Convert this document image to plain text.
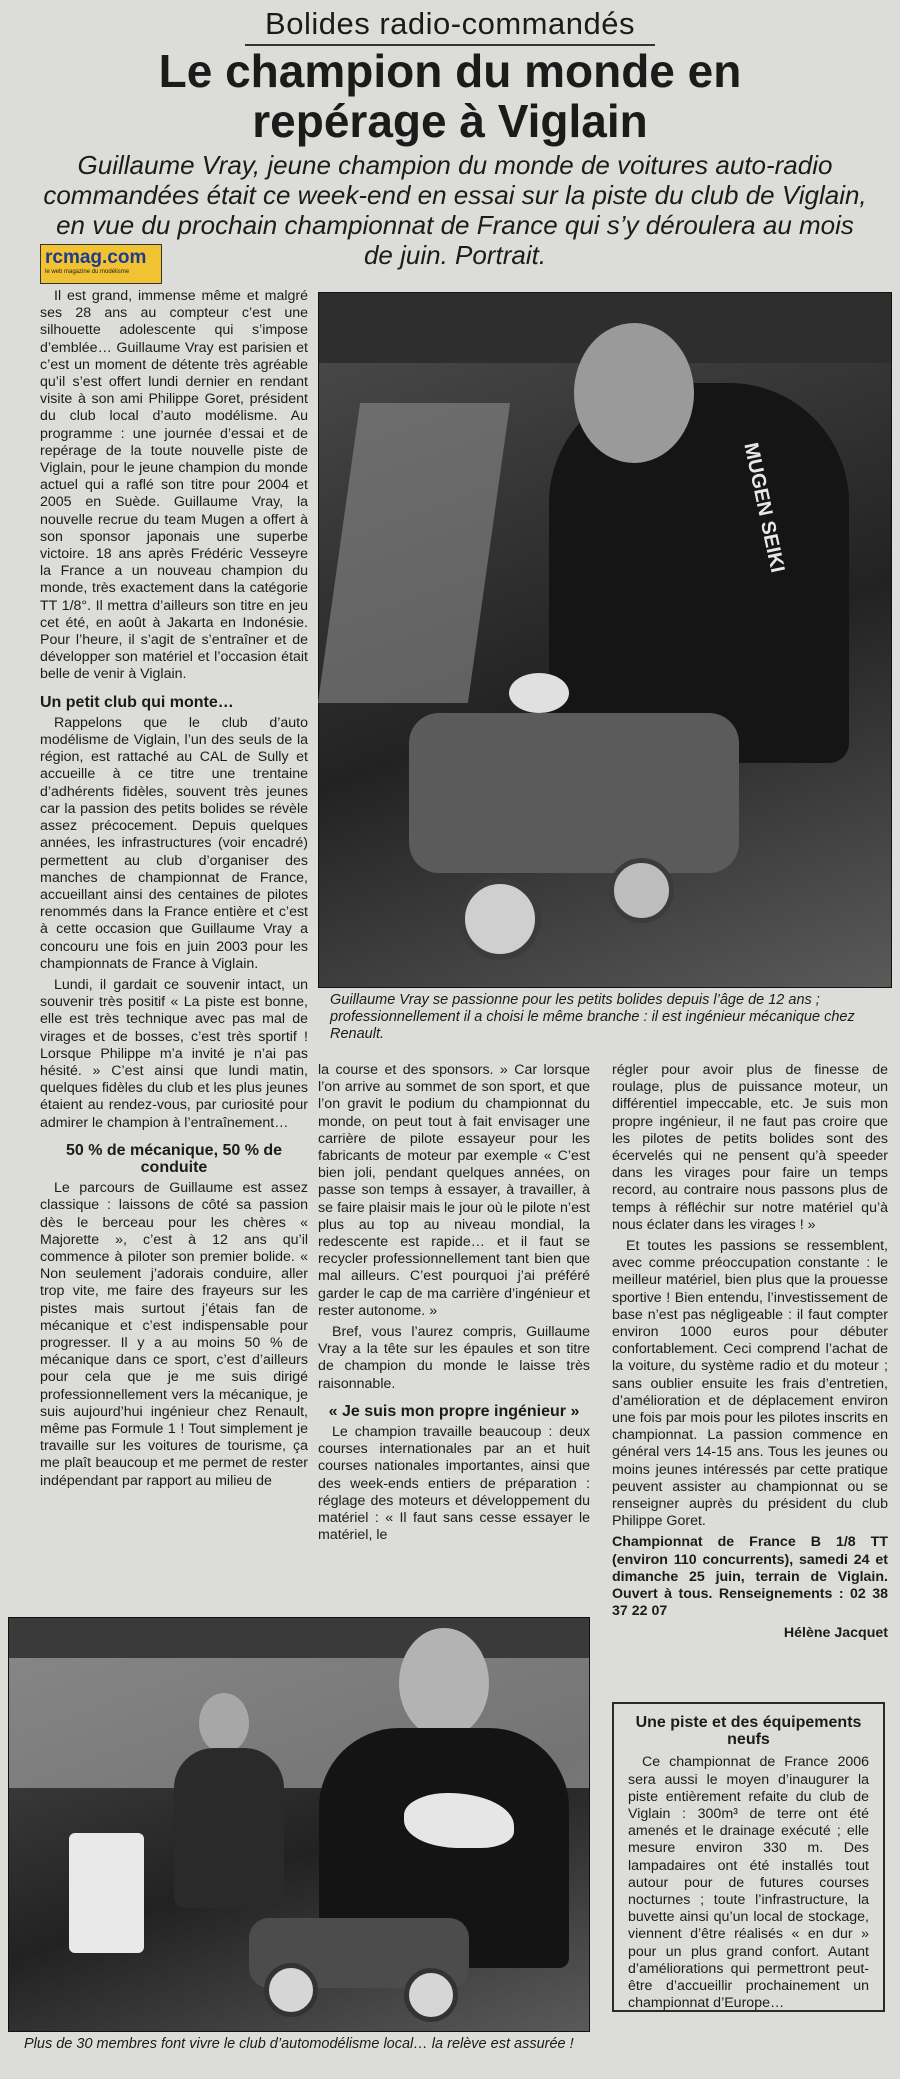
Bolides radio-commandés
Le champion du monde en repérage à Viglain
Guillaume Vray, jeune champion du monde de voitures auto-radio commandées était ce week-end en essai sur la piste du club de Viglain, en vue du prochain championnat de France qui s’y déroulera au mois de juin. Portrait.
rcmag.com
le web magazine du modélisme

Il est grand, immense même et malgré ses 28 ans au compteur c’est une silhouette adolescente qui s’impose d’emblée… Guillaume Vray est parisien et c’est un moment de détente très agréable qu’il s’est offert lundi dernier en rendant visite à son ami Philippe Goret, président du club local d’auto modélisme. Au programme : une journée d’essai et de repérage de la toute nouvelle piste de Viglain, pour le jeune champion du monde actuel qui a raflé son titre pour 2004 et 2005 en Suède. Guillaume Vray, la nouvelle recrue du team Mugen a offert à son sponsor japonais une superbe victoire. 18 ans après Frédéric Vesseyre la France a un nouveau champion du monde, très exactement dans la catégorie TT 1/8°. Il mettra d’ailleurs son titre en jeu cet été, en août à Jakarta en Indonésie. Pour l’heure, il s’agit de s’entraîner et de développer son matériel et l’occasion était belle de venir à Viglain.

Un petit club qui monte…

Rappelons que le club d’auto modélisme de Viglain, l’un des seuls de la région, est rattaché au CAL de Sully et accueille à ce titre une trentaine d’adhérents fidèles, souvent très jeunes car la passion des petits bolides se révèle assez précocement. Depuis quelques années, les infrastructures (voir encadré) permettent au club d’organiser des manches de championnat de France, accueillant ainsi des centaines de pilotes renommés dans la France entière et c’est à cette occasion que Guillaume Vray a concouru une fois en juin 2003 pour les championnats de France à Viglain.

Lundi, il gardait ce souvenir intact, un souvenir très positif « La piste est bonne, elle est très technique avec pas mal de virages et de bosses, c’est très sportif ! Lorsque Philippe m’a invité je n’ai pas hésité. » C’est ainsi que lundi matin, quelques fidèles du club et les plus jeunes étaient au rendez-vous, par curiosité pour admirer le champion à l’entraînement…

50 % de mécanique, 50 % de conduite

Le parcours de Guillaume est assez classique : laissons de côté sa passion dès le berceau pour les chères « Majorette », c’est à 12 ans qu’il commence à piloter son premier bolide. « Non seulement j’adorais conduire, aller trop vite, me faire des frayeurs sur les pistes mais surtout j’étais fan de mécanique et c’est indispensable pour progresser. Il y a au moins 50 % de mécanique dans ce sport, c’est d’ailleurs pour cela que je me suis dirigé professionnellement vers la mécanique, je suis aujourd’hui ingénieur chez Renault, même pas Formule 1 ! Tout simplement je travaille sur les voitures de tourisme, ça me plaît beaucoup et me permet de rester indépendant par rapport au milieu de

MUGEN SEIKI
Guillaume Vray se passionne pour les petits bolides depuis l’âge de 12 ans ; professionnellement il a choisi le même branche : il est ingénieur mécanique chez Renault.

la course et des sponsors. » Car lorsque l’on arrive au sommet de son sport, et que l’on gravit le podium du championnat du monde, on peut tout à fait envisager une carrière de pilote essayeur pour les fabricants de moteur par exemple « C’est bien joli, pendant quelques années, on passe son temps à essayer, à travailler, à se faire plaisir mais le jour où le pilote n’est plus au top au niveau mondial, la redescente est rapide… et il faut se recycler professionnellement tant bien que mal ailleurs. C’est pourquoi j’ai préféré garder le cap de ma carrière d’ingénieur et rester autonome. »

Bref, vous l’aurez compris, Guillaume Vray a la tête sur les épaules et son titre de champion du monde le laisse très raisonnable.

« Je suis mon propre ingénieur »

Le champion travaille beaucoup : deux courses internationales par an et huit courses nationales importantes, ainsi que des week-ends entiers de préparation : réglage des moteurs et développement du matériel : « Il faut sans cesse essayer le matériel, le

régler pour avoir plus de finesse de roulage, plus de puissance moteur, un différentiel impeccable, etc. Je suis mon propre ingénieur, il ne faut pas croire que les pilotes de petits bolides sont des écervelés qui ne pensent qu’à speeder dans les virages pour faire un temps record, au contraire nous passons plus de temps à réfléchir sur notre matériel qu’à nous éclater dans les virages ! »

Et toutes les passions se ressemblent, avec comme préoccupation constante : le meilleur matériel, bien plus que la prouesse sportive ! Bien entendu, l’investissement de base n’est pas négligeable : il faut compter environ 1000 euros pour débuter confortablement. Ceci comprend l’achat de la voiture, du système radio et du moteur ; sans oublier ensuite les frais d’entretien, d’amélioration et de déplacement environ une fois par mois pour les pilotes inscrits en championnat. La passion commence en général vers 14-15 ans. Tous les jeunes ou moins jeunes intéressés par cette pratique peuvent assister au championnat ou se renseigner auprès du président du club Philippe Goret.

Championnat de France B 1/8 TT (environ 110 concurrents), samedi 24 et dimanche 25 juin, terrain de Viglain. Ouvert à tous. Renseignements : 02 38 37 22 07
Hélène Jacquet
Plus de 30 membres font vivre le club d’automodélisme local… la relève est assurée !
Une piste et des équipements neufs

Ce championnat de France 2006 sera aussi le moyen d’inaugurer la piste entièrement refaite du club de Viglain : 300m³ de terre ont été amenés et le drainage exécuté ; elle mesure environ 330 m. Des lampadaires ont été installés tout autour pour de futures courses nocturnes ; toute l’infrastructure, la buvette ainsi qu’un local de stockage, viennent d’être réalisés « en dur » pour un plus grand confort. Autant d’améliorations qui permettront peut-être d’accueillir prochainement un championnat d’Europe…
